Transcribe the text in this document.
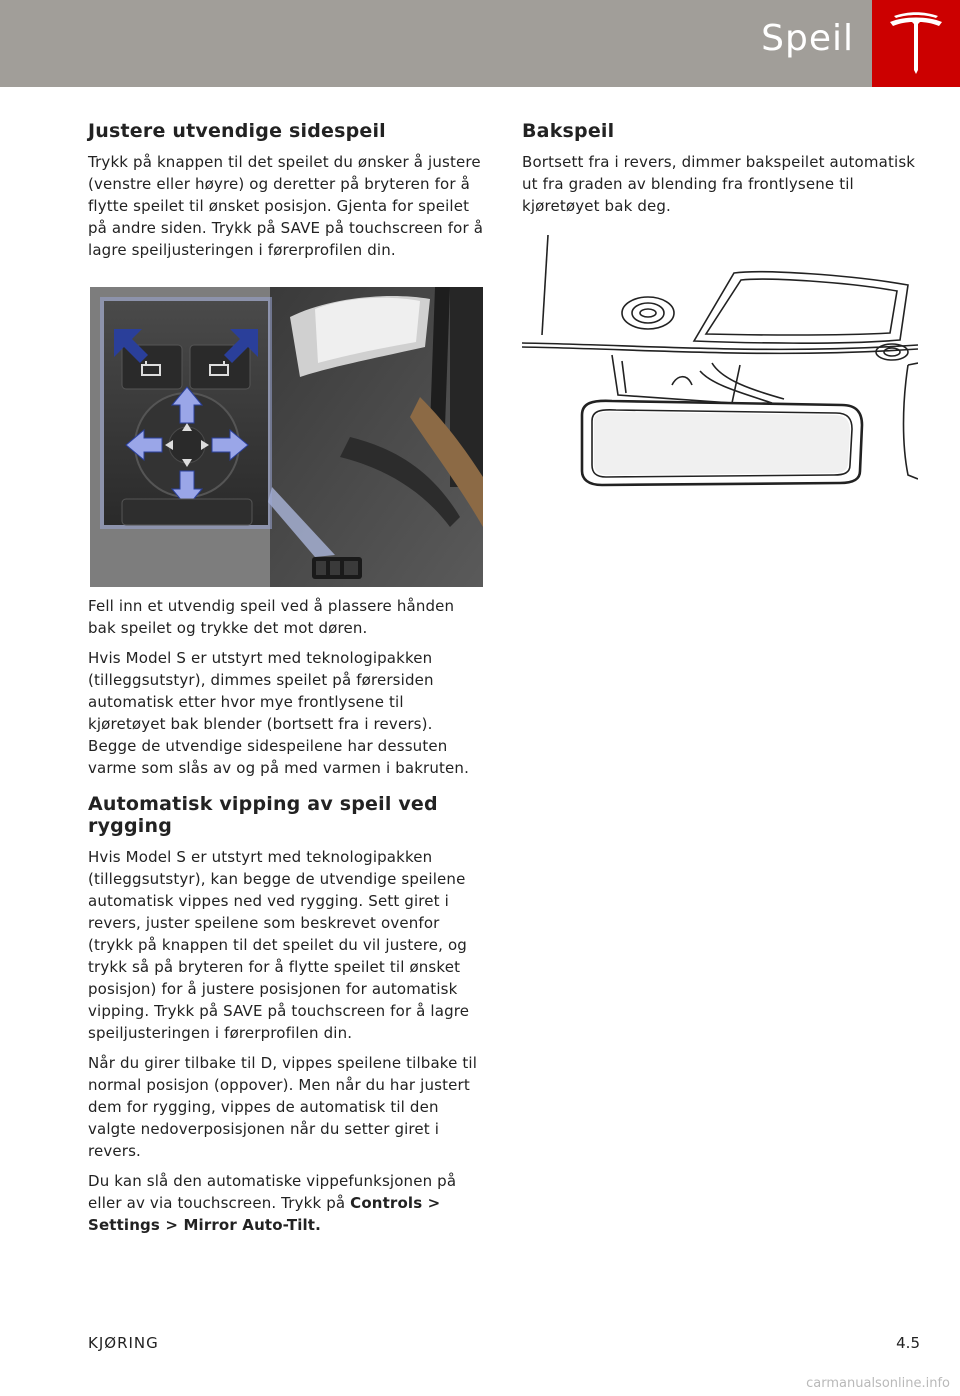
Speil
Justere utvendige sidespeil

Trykk på knappen til det speilet du ønsker å justere (venstre eller høyre) og deretter på bryteren for å flytte speilet til ønsket posisjon. Gjenta for speilet på andre siden. Trykk på SAVE på touchscreen for å lagre speiljusteringen i førerprofilen din.

Fell inn et utvendig speil ved å plassere hånden bak speilet og trykke det mot døren.

Hvis Model S er utstyrt med teknologipakken (tilleggsutstyr), dimmes speilet på førersiden automatisk etter hvor mye frontlysene til kjøretøyet bak blender (bortsett fra i revers). Begge de utvendige sidespeilene har dessuten varme som slås av og på med varmen i bakruten.

Automatisk vipping av speil ved rygging

Hvis Model S er utstyrt med teknologipakken (tilleggsutstyr), kan begge de utvendige speilene automatisk vippes ned ved rygging. Sett giret i revers, juster speilene som beskrevet ovenfor (trykk på knappen til det speilet du vil justere, og trykk så på bryteren for å flytte speilet til ønsket posisjon) for å justere posisjonen for automatisk vipping. Trykk på SAVE på touchscreen for å lagre speiljusteringen i førerprofilen din.

Når du girer tilbake til D, vippes speilene tilbake til normal posisjon (oppover). Men når du har justert dem for rygging, vippes de automatisk til den valgte nedoverposisjonen når du setter giret i revers.

Du kan slå den automatiske vippefunksjonen på eller av via touchscreen. Trykk på Controls > Settings > Mirror Auto-Tilt.

Bakspeil

Bortsett fra i revers, dimmer bakspeilet automatisk ut fra graden av blending fra frontlysene til kjøretøyet bak deg.

KJØRING	4.5
carmanualsonline.info
